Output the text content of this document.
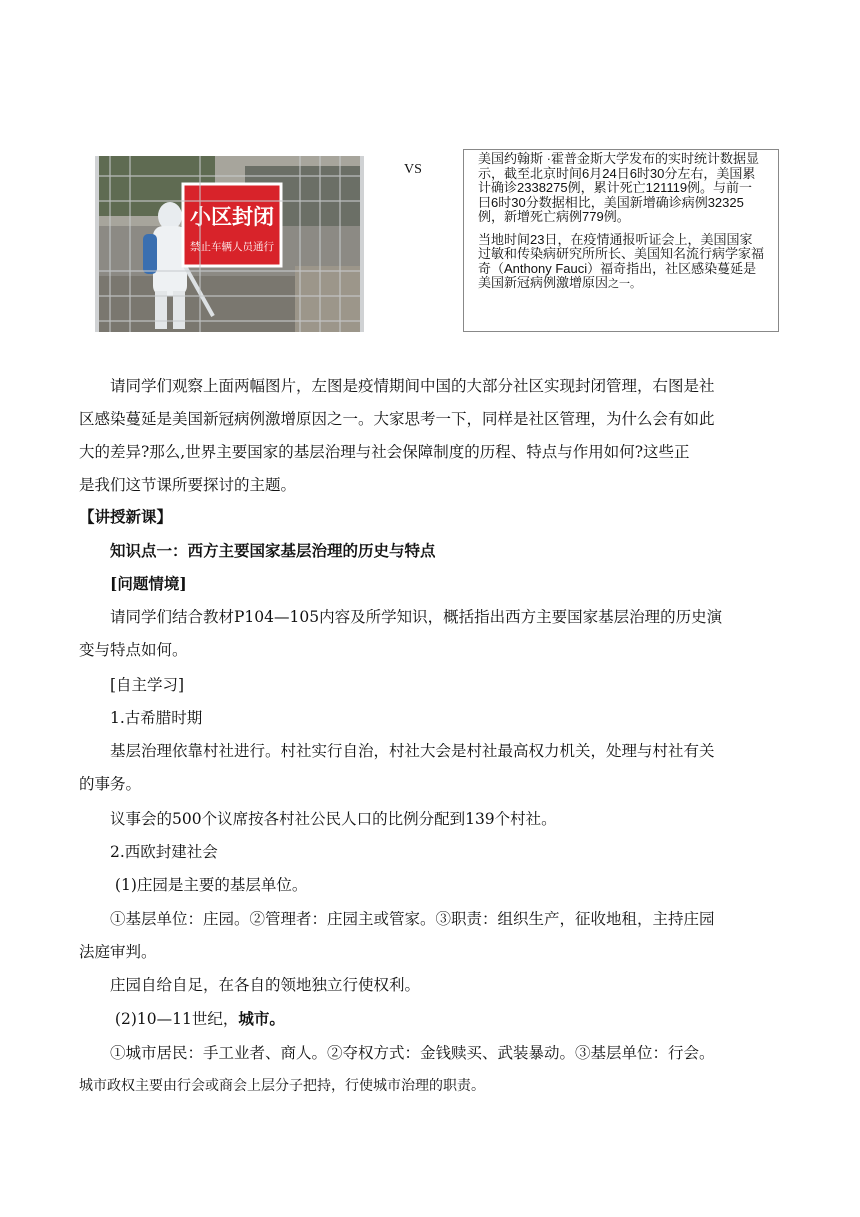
小区封闭
禁止车辆人员通行
VS

美国约翰斯 ·霍普金斯大学发布的实时统计数据显示，截至北京时间6月24日6时30分左右，美国累计确诊2338275例，累计死亡121119例。与前一曰6时30分数据相比，美国新增确诊病例32325例，新增死亡病例779例。

当地时间23日，在疫情通报听证会上，美国国家过敏和传染病研究所所长、美国知名流行病学家福奇（Anthony Fauci）福奇指出，社区感染蔓延是美国新冠病例激增原因之一。

　　请同学们观察上面两幅图片，左图是疫情期间中国的大部分社区实现封闭管理，右图是社
区感染蔓延是美国新冠病例激增原因之一。大家思考一下，同样是社区管理，为什么会有如此
大的差异?那么,世界主要国家的基层治理与社会保障制度的历程、特点与作用如何?这些正
是我们这节课所要探讨的主题。
【讲授新课】
　　知识点一：西方主要国家基层治理的历史与特点
　　[问题情境]
　　请同学们结合教材P104—105内容及所学知识，概括指出西方主要国家基层治理的历史演
变与特点如何。
　　[自主学习]
　　1.古希腊时期
　　基层治理依靠村社进行。村社实行自治，村社大会是村社最高权力机关，处理与村社有关
的事务。
　　议事会的500个议席按各村社公民人口的比例分配到139个村社。
　　2.西欧封建社会
　　 (1)庄园是主要的基层单位。
　　①基层单位：庄园。②管理者：庄园主或管家。③职责：组织生产，征收地租，主持庄园
法庭审判。
　　庄园自给自足，在各自的领地独立行使权利。
　　 (2)10—11世纪，城市。
　　①城市居民：手工业者、商人。②夺权方式：金钱赎买、武装暴动。③基层单位：行会。
城市政权主要由行会或商会上层分子把持，行使城市治理的职责。
